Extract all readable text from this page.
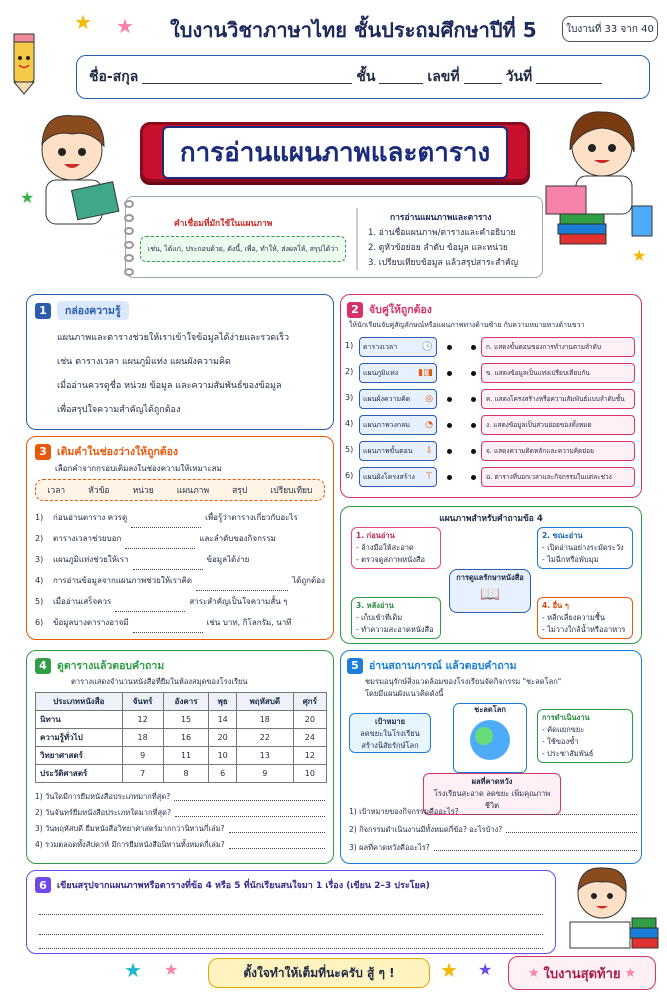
★ ★ ใบงานวิชาภาษาไทย ชั้นประถมศึกษาปีที่ 5	ใบงานที่ 33 จาก 40
ชื่อ-สกุล	ชั้น	เลขที่	วันที่
★
★
การอ่านแผนภาพและตาราง
คำเชื่อมที่มักใช้ในแผนภาพ
เช่น, ได้แก่, ประกอบด้วย, ดังนี้, เพื่อ, ทำให้, ส่งผลให้, สรุปได้ว่า
การอ่านแผนภาพและตาราง
1. อ่านชื่อแผนภาพ/ตารางและคำอธิบาย
2. ดูหัวข้อย่อย ลำดับ ข้อมูล และหน่วย
3. เปรียบเทียบข้อมูล แล้วสรุปสาระสำคัญ
1	กล่องความรู้
แผนภาพและตารางช่วยให้เราเข้าใจข้อมูลได้ง่ายและรวดเร็ว
เช่น ตารางเวลา แผนภูมิแท่ง แผนผังความคิด
เมื่ออ่านควรดูชื่อ หน่วย ข้อมูล และความสัมพันธ์ของข้อมูล
เพื่อสรุปใจความสำคัญได้ถูกต้อง
2 จับคู่ให้ถูกต้อง
ให้นักเรียนจับคู่สัญลักษณ์หรือแผนภาพทางด้านซ้าย กับความหมายทางด้านขวา
1) ตารางเวลา	🕓	ก. แสดงขั้นตอนของการทำงานตามลำดับ
2) แผนภูมิแท่ง ▮▯▮	ข. แสดงข้อมูลเป็นแท่งเปรียบเทียบกัน
3) แผนผังความคิด ◎	ค. แสดงโครงสร้างหรือความสัมพันธ์แบบลำดับชั้น
4) แผนภาพวงกลม ◔	ง. แสดงข้อมูลเป็นส่วนย่อยของทั้งหมด
5) แผนภาพขั้นตอน ⇩	จ. แสดงความคิดหลักและความคิดย่อย
6) แผนผังโครงสร้าง ⊤	ฉ. ตารางที่บอกเวลาและกิจกรรมในแต่ละช่วง
3 เติมคำในช่องว่างให้ถูกต้อง
เลือกคำจากกรอบเติมลงในช่องความให้เหมาะสม
เวลา	หัวข้อ	หน่วย	แผนภาพ	สรุป	เปรียบเทียบ
1)	ก่อนอ่านตาราง ควรดู	เพื่อรู้ว่าตารางเกี่ยวกับอะไร
2)	ตารางเวลาช่วยบอก	และลำดับของกิจกรรม
3)	แผนภูมิแท่งช่วยให้เรา	ข้อมูลได้ง่าย
4)	การอ่านข้อมูลจากแผนภาพช่วยให้เราคิด	ได้ถูกต้อง
5)	เมื่ออ่านเสร็จควร	สาระสำคัญเป็นใจความสั้น ๆ
6)	ข้อมูลบางตารางอาจมี	เช่น บาท, กิโลกรัม, นาที
แผนภาพสำหรับคำถามข้อ 4
1. ก่อนอ่าน
- ล้างมือให้สะอาด
- ตรวจดูสภาพหนังสือ
2. ขณะอ่าน
- เปิดอ่านอย่างระมัดระวัง
- ไม่ฉีกหรือพับมุม
3. หลังอ่าน
- เก็บเข้าที่เดิม
- ทำความสะอาดหนังสือ
4. อื่น ๆ
- หลีกเลี่ยงความชื้น
- ไม่วางใกล้น้ำหรืออาหาร
การดูแลรักษาหนังสือ
📖
4 ดูตารางแล้วตอบคำถาม
ตารางแสดงจำนวนหนังสือที่ยืมในห้องสมุดของโรงเรียน
ประเภทหนังสือ	จันทร์	อังคาร	พุธ	พฤหัสบดี	ศุกร์
นิทาน	12	15	14	18	20
ความรู้ทั่วไป	18	16	20	22	24
วิทยาศาสตร์	9	11	10	13	12
ประวัติศาสตร์	7	8	6	9	10
1) วันใดมีการยืมหนังสือประเภทมากที่สุด?
2) วันจันทร์ยืมหนังสือประเภทใดมากที่สุด?
3) วันพฤหัสบดี ยืมหนังสือวิทยาศาสตร์มากกว่านิทานกี่เล่ม?
4) รวมตลอดทั้งสัปดาห์ มีการยืมหนังสือนิทานทั้งหมดกี่เล่ม?
5 อ่านสถานการณ์ แล้วตอบคำถาม
ชมรมอนุรักษ์สิ่งแวดล้อมของโรงเรียนจัดกิจกรรม "ชะลดโลก"
โดยมีแผนผังแนวคิดดังนี้
เป้าหมาย
ลดขยะในโรงเรียน สร้างนิสัยรักษ์โลก
ชะลดโลก
การดำเนินงาน
- คัดแยกขยะ
- ใช้ของซ้ำ
- ประชาสัมพันธ์
ผลที่คาดหวัง
โรงเรียนสะอาด ลดขยะ เพิ่มคุณภาพชีวิต
1) เป้าหมายของกิจกรรมคืออะไร?
2) กิจกรรมดำเนินงานมีทั้งหมดกี่ข้อ? อะไรบ้าง?
3) ผลที่คาดหวังคืออะไร?
6	เขียนสรุปจากแผนภาพหรือตารางที่ข้อ 4 หรือ 5 ที่นักเรียนสนใจมา 1 เรื่อง (เขียน 2–3 ประโยค)
★ ★	ตั้งใจทำให้เต็มที่นะครับ สู้ ๆ !	★ ★	★ ใบงานสุดท้าย ★
